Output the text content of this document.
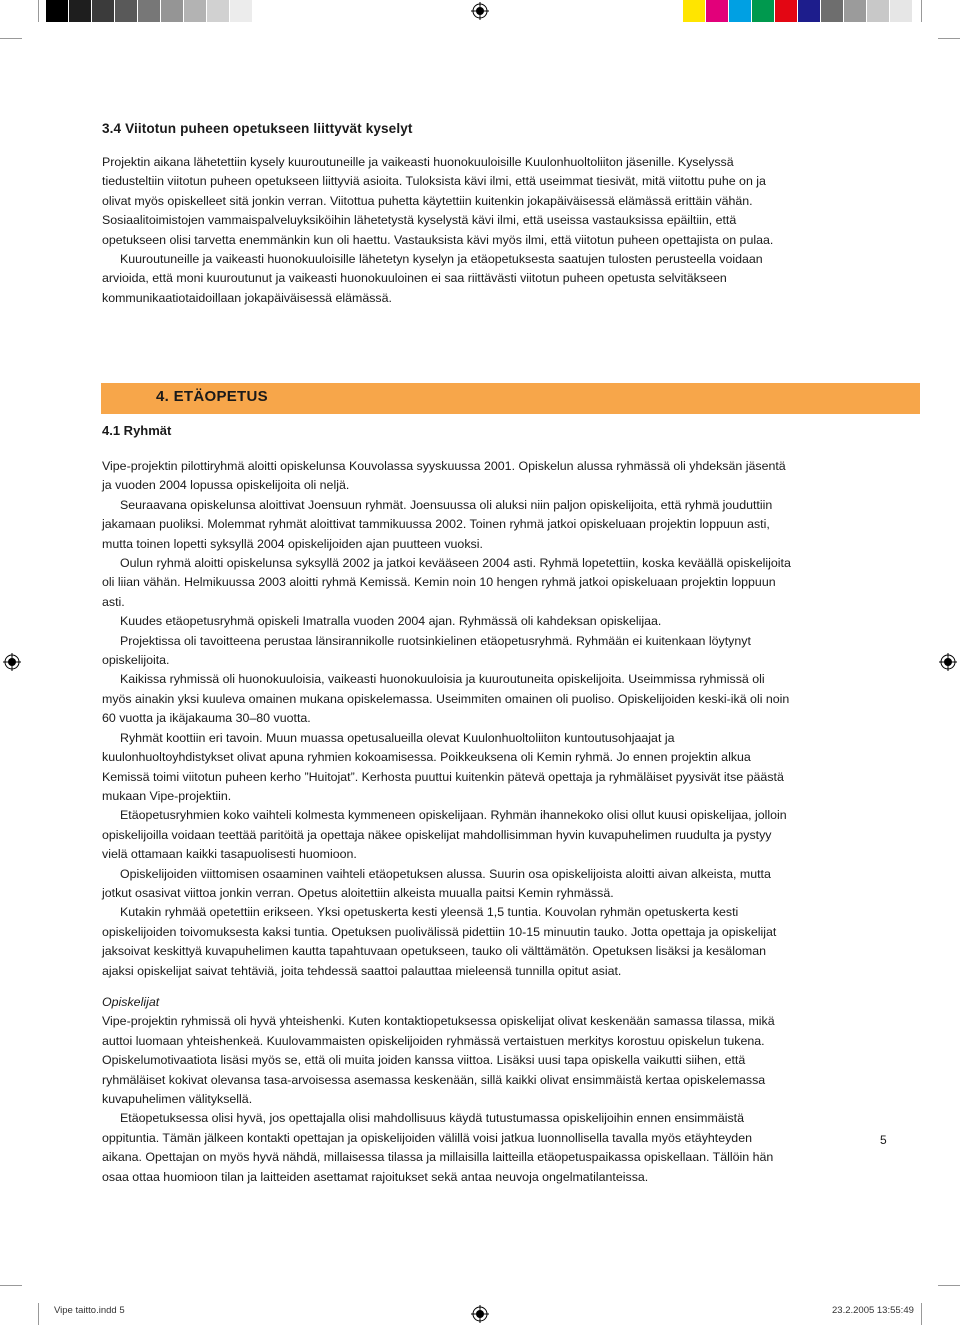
3.4 Viitotun puheen opetukseen liittyvät kyselyt

Projektin aikana lähetettiin kysely kuuroutuneille ja vaikeasti huonokuuloisille Kuulonhuoltoliiton jäsenille. Kyselyssä tiedusteltiin viitotun puheen opetukseen liittyviä asioita. Tuloksista kävi ilmi, että useimmat tiesivät, mitä viitottu puhe on ja olivat myös opiskelleet sitä jonkin verran. Viitottua puhetta käytettiin kuitenkin jokapäiväisessä elämässä erittäin vähän.

Sosiaalitoimistojen vammaispalveluyksiköihin lähetetystä kyselystä kävi ilmi, että useissa vastauksissa epäiltiin, että opetukseen olisi tarvetta enemmänkin kun oli haettu. Vastauksista kävi myös ilmi, että viitotun puheen opettajista on pulaa.

Kuuroutuneille ja vaikeasti huonokuuloisille lähetetyn kyselyn ja etäopetuksesta saatujen tulosten perusteella voidaan arvioida, että moni kuuroutunut ja vaikeasti huonokuuloinen ei saa riittävästi viitotun puheen opetusta selvitäkseen kommunikaatiotaidoillaan jokapäiväisessä elämässä.

4. ETÄOPETUS
4.1 Ryhmät

Vipe-projektin pilottiryhmä aloitti opiskelunsa Kouvolassa syyskuussa 2001. Opiskelun alussa ryhmässä oli yhdeksän jäsentä ja vuoden 2004 lopussa opiskelijoita oli neljä.

Seuraavana opiskelunsa aloittivat Joensuun ryhmät. Joensuussa oli aluksi niin paljon opiskelijoita, että ryhmä jouduttiin jakamaan puoliksi. Molemmat ryhmät aloittivat tammikuussa 2002. Toinen ryhmä jatkoi opiskeluaan projektin loppuun asti, mutta toinen lopetti syksyllä 2004 opiskelijoiden ajan puutteen vuoksi.

Oulun ryhmä aloitti opiskelunsa syksyllä 2002 ja jatkoi kevääseen 2004 asti. Ryhmä lopetettiin, koska keväällä opiskelijoita oli liian vähän. Helmikuussa 2003 aloitti ryhmä Kemissä. Kemin noin 10 hengen ryhmä jatkoi opiskeluaan projektin loppuun asti.

Kuudes etäopetusryhmä opiskeli Imatralla vuoden 2004 ajan. Ryhmässä oli kahdeksan opiskelijaa.

Projektissa oli tavoitteena perustaa länsirannikolle ruotsinkielinen etäopetusryhmä. Ryhmään ei kuitenkaan löytynyt opiskelijoita.

Kaikissa ryhmissä oli huonokuuloisia, vaikeasti huonokuuloisia ja kuuroutuneita opiskelijoita. Useimmissa ryhmissä oli myös ainakin yksi kuuleva omainen mukana opiskelemassa. Useimmiten omainen oli puoliso. Opiskelijoiden keski-ikä oli noin 60 vuotta ja ikäjakauma 30–80 vuotta.

Ryhmät koottiin eri tavoin. Muun muassa opetusalueilla olevat Kuulonhuoltoliiton kuntoutusohjaajat ja kuulonhuoltoyhdistykset olivat apuna ryhmien kokoamisessa. Poikkeuksena oli Kemin ryhmä. Jo ennen projektin alkua Kemissä toimi viitotun puheen kerho ”Huitojat”. Kerhosta puuttui kuitenkin pätevä opettaja ja ryhmäläiset pyysivät itse päästä mukaan Vipe-projektiin.

Etäopetusryhmien koko vaihteli kolmesta kymmeneen opiskelijaan. Ryhmän ihannekoko olisi ollut kuusi opiskelijaa, jolloin opiskelijoilla voidaan teettää paritöitä ja opettaja näkee opiskelijat mahdollisimman hyvin kuvapuhelimen ruudulta ja pystyy vielä ottamaan kaikki tasapuolisesti huomioon.

Opiskelijoiden viittomisen osaaminen vaihteli etäopetuksen alussa. Suurin osa opiskelijoista aloitti aivan alkeista, mutta jotkut osasivat viittoa jonkin verran. Opetus aloitettiin alkeista muualla paitsi Kemin ryhmässä.

Kutakin ryhmää opetettiin erikseen. Yksi opetuskerta kesti yleensä 1,5 tuntia. Kouvolan ryhmän opetuskerta kesti opiskelijoiden toivomuksesta kaksi tuntia. Opetuksen puolivälissä pidettiin 10-15 minuutin tauko. Jotta opettaja ja opiskelijat jaksoivat keskittyä kuvapuhelimen kautta tapahtuvaan opetukseen, tauko oli välttämätön. Opetuksen lisäksi ja kesäloman ajaksi opiskelijat saivat tehtäviä, joita tehdessä saattoi palauttaa mieleensä tunnilla opitut asiat.

Opiskelijat

Vipe-projektin ryhmissä oli hyvä yhteishenki. Kuten kontaktiopetuksessa opiskelijat olivat keskenään samassa tilassa, mikä auttoi luomaan yhteishenkeä. Kuulovammaisten opiskelijoiden ryhmässä vertaistuen merkitys korostuu opiskelun tukena. Opiskelumotivaatiota lisäsi myös se, että oli muita joiden kanssa viittoa. Lisäksi uusi tapa opiskella vaikutti siihen, että ryhmäläiset kokivat olevansa tasa-arvoisessa asemassa keskenään, sillä kaikki olivat ensimmäistä kertaa opiskelemassa kuvapuhelimen välityksellä.

Etäopetuksessa olisi hyvä, jos opettajalla olisi mahdollisuus käydä tutustumassa opiskelijoihin ennen ensimmäistä oppituntia. Tämän jälkeen kontakti opettajan ja opiskelijoiden välillä voisi jatkua luonnollisella tavalla myös etäyhteyden aikana. Opettajan on myös hyvä nähdä, millaisessa tilassa ja millaisilla laitteilla etäopetuspaikassa opiskellaan. Tällöin hän osaa ottaa huomioon tilan ja laitteiden asettamat rajoitukset sekä antaa neuvoja ongelmatilanteissa.

5
Vipe taitto.indd 5	23.2.2005 13:55:49
